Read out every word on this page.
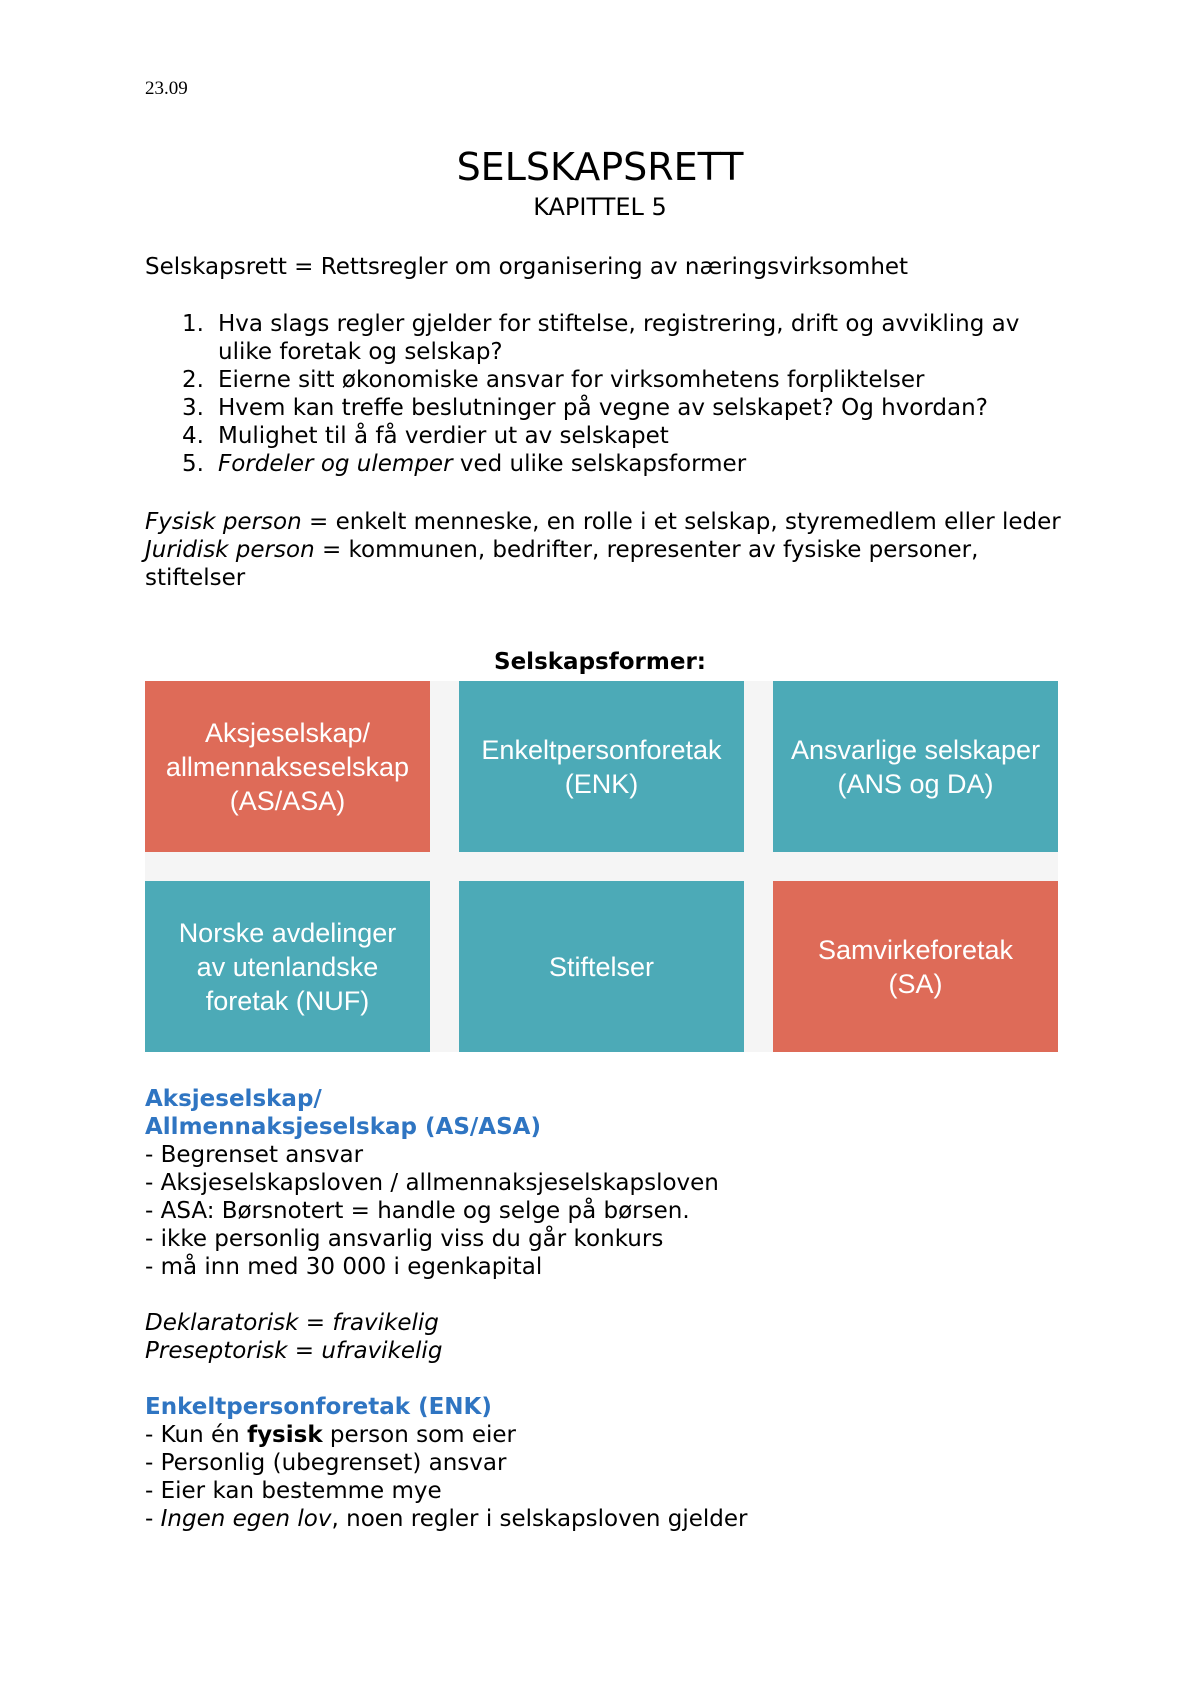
23.09
SELSKAPSRETT
KAPITTEL 5
Selskapsrett = Rettsregler om organisering av næringsvirksomhet
1. Hva slags regler gjelder for stiftelse, registrering, drift og avvikling av ulike foretak og selskap?
2. Eierne sitt økonomiske ansvar for virksomhetens forpliktelser
3. Hvem kan treffe beslutninger på vegne av selskapet? Og hvordan?
4. Mulighet til å få verdier ut av selskapet
5. Fordeler og ulemper ved ulike selskapsformer

Fysisk person = enkelt menneske, en rolle i et selskap, styremedlem eller leder

Juridisk person = kommunen, bedrifter, representer av fysiske personer, stiftelser

Selskapsformer:
Aksjeselskap/
allmennakseselskap
(AS/ASA)
Enkeltpersonforetak
(ENK)
Ansvarlige selskaper
(ANS og DA)
Norske avdelinger
av utenlandske
foretak (NUF)
Stiftelser
Samvirkeforetak
(SA)

Aksjeselskap/

Allmennaksjeselskap (AS/ASA)

- Begrenset ansvar

- Aksjeselskapsloven / allmennaksjeselskapsloven

- ASA: Børsnotert = handle og selge på børsen.

- ikke personlig ansvarlig viss du går konkurs

- må inn med 30 000 i egenkapital

Deklaratorisk = fravikelig

Preseptorisk = ufravikelig

Enkeltpersonforetak (ENK)

- Kun én fysisk person som eier

- Personlig (ubegrenset) ansvar

- Eier kan bestemme mye

- Ingen egen lov, noen regler i selskapsloven gjelder
